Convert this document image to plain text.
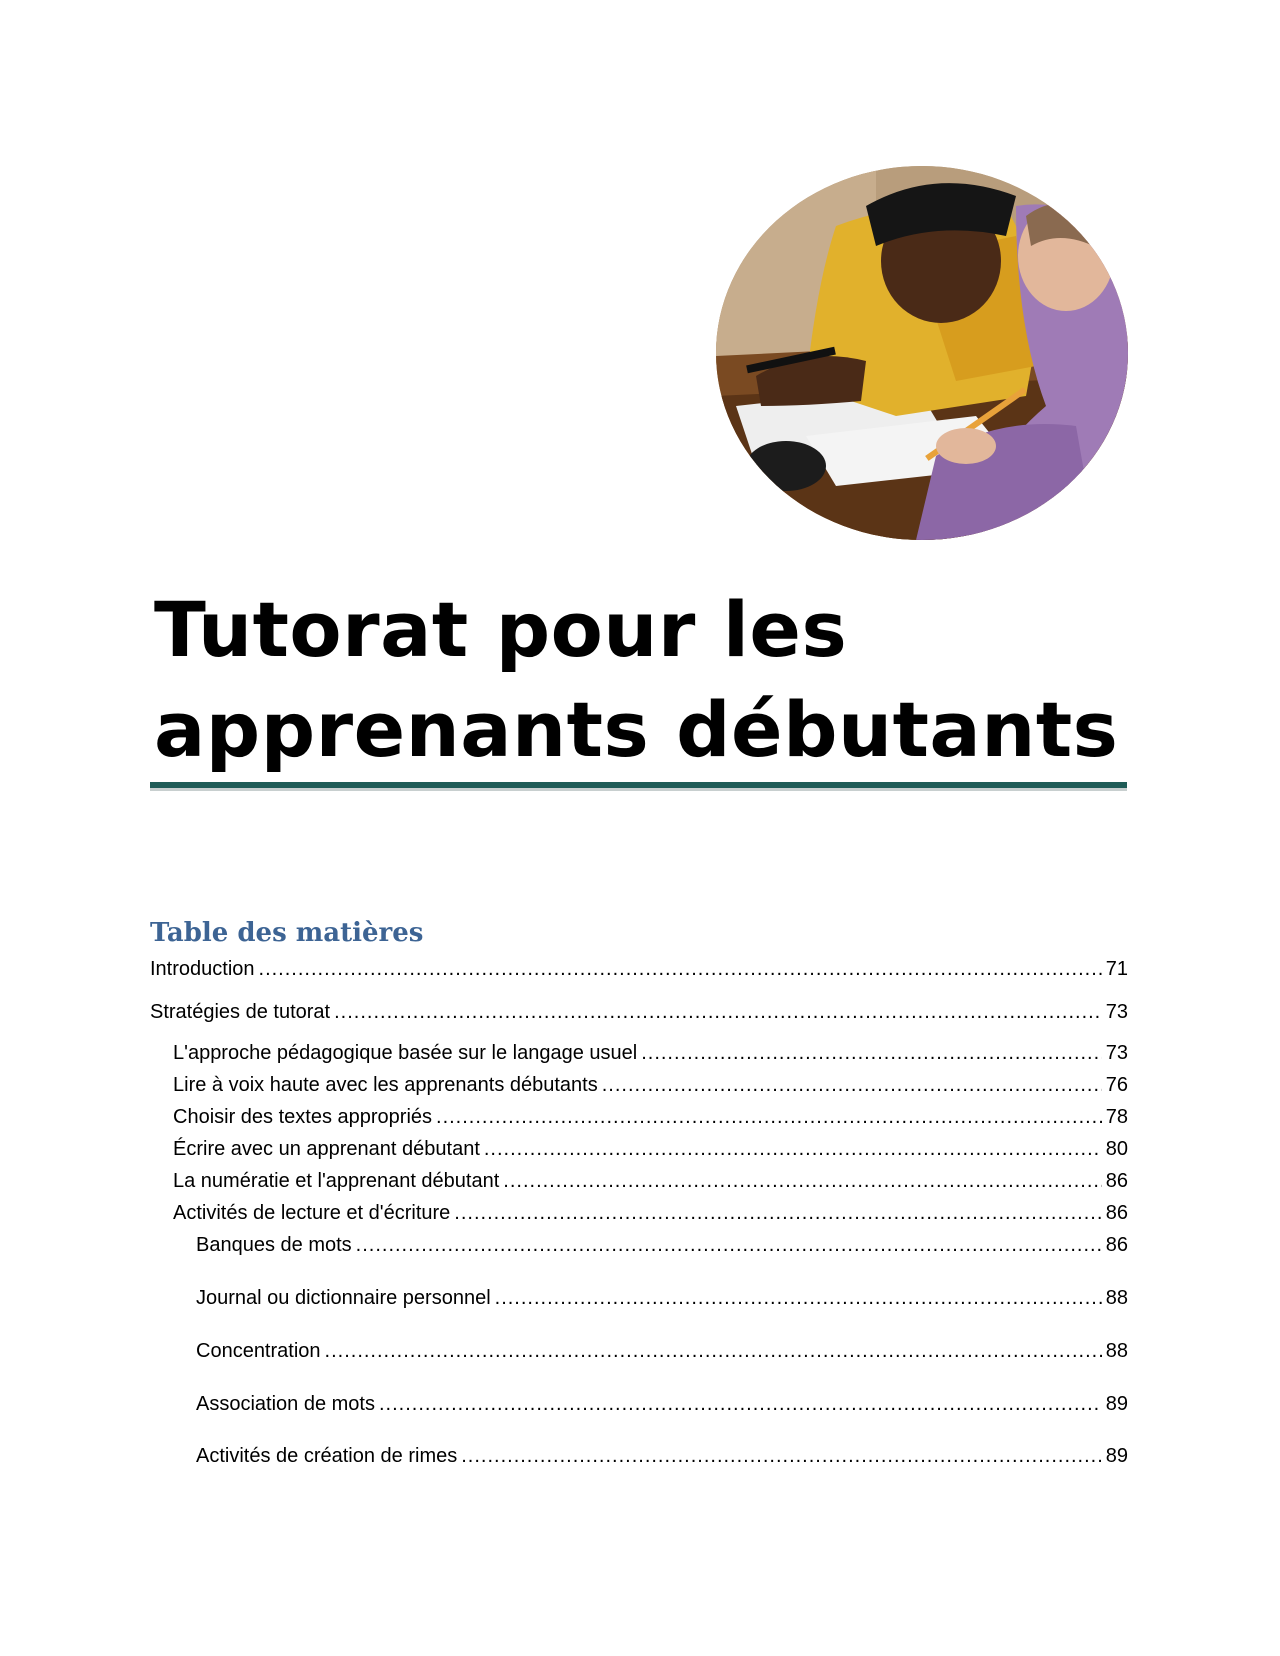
Tutorat pour les
apprenants débutants
Table des matières
Introduction .....	71
Stratégies de tutorat .....	73
L'approche pédagogique basée sur le langage usuel .....	73
Lire à voix haute avec les apprenants débutants .....	76
Choisir des textes appropriés .....	78
Écrire avec un apprenant débutant .....	80
La numératie et l'apprenant débutant .....	86
Activités de lecture et d'écriture .....	86
Banques de mots .....	86
Journal ou dictionnaire personnel .....	88
Concentration .....	88
Association de mots .....	89
Activités de création de rimes .....	89
